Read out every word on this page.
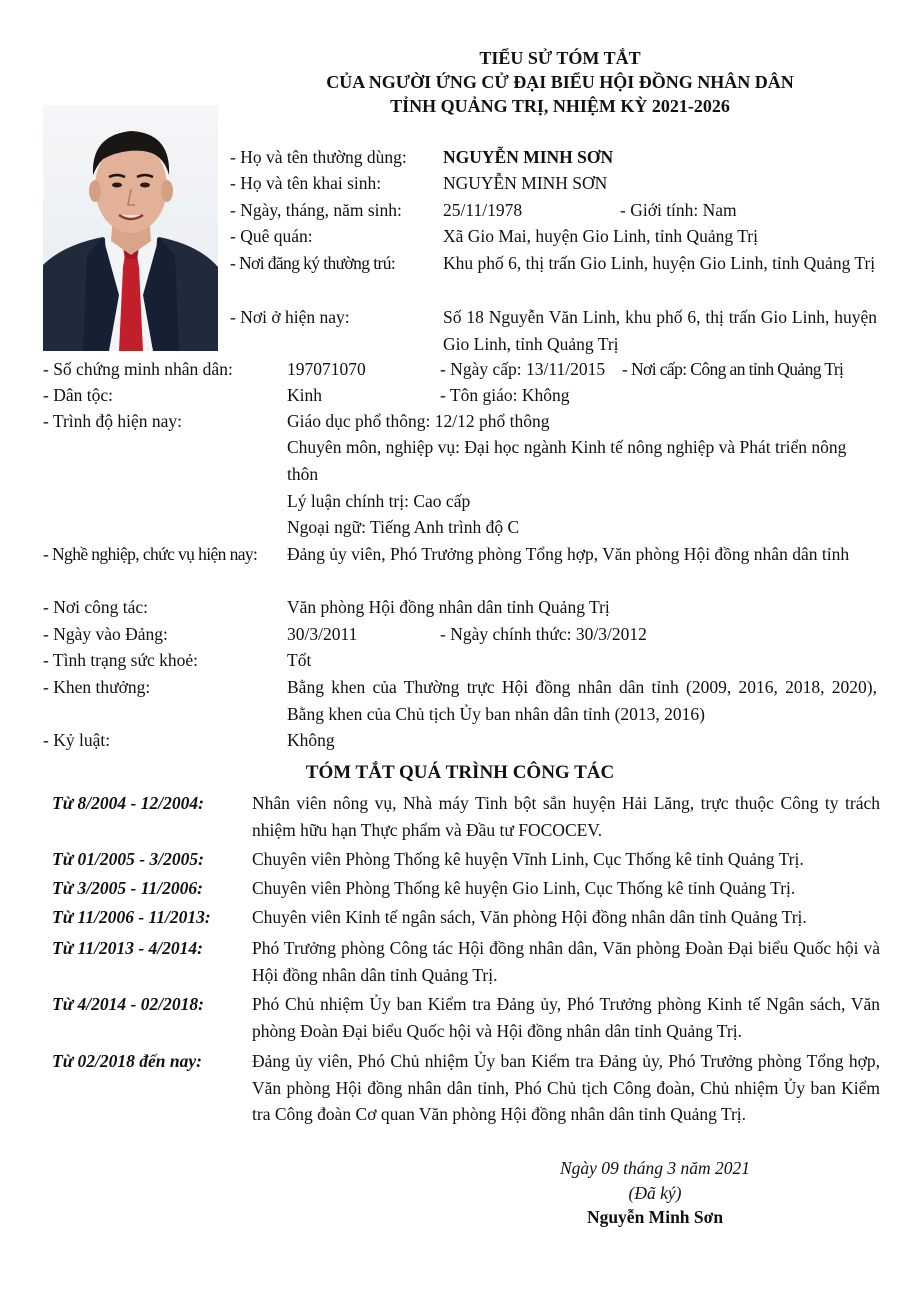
TIỂU SỬ TÓM TẮT
CỦA NGƯỜI ỨNG CỬ ĐẠI BIỂU HỘI ĐỒNG NHÂN DÂN
TỈNH QUẢNG TRỊ, NHIỆM KỲ 2021-2026
- Họ và tên thường dùng: NGUYỄN MINH SƠN
- Họ và tên khai sinh:	NGUYỄN MINH SƠN
- Ngày, tháng, năm sinh: 25/11/1978	- Giới tính: Nam
- Quê quán:	Xã Gio Mai, huyện Gio Linh, tỉnh Quảng Trị
- Nơi đăng ký thường trú:	Khu phố 6, thị trấn Gio Linh, huyện Gio Linh, tỉnh Quảng Trị
- Nơi ở hiện nay:	Số 18 Nguyễn Văn Linh, khu phố 6, thị trấn Gio Linh, huyện Gio Linh, tỉnh Quảng Trị
- Số chứng minh nhân dân:	197071070	- Ngày cấp: 13/11/2015 - Nơi cấp: Công an tỉnh Quảng Trị
- Dân tộc:	Kinh	- Tôn giáo: Không
- Trình độ hiện nay:	Giáo dục phổ thông: 12/12 phổ thông
Chuyên môn, nghiệp vụ: Đại học ngành Kinh tế nông nghiệp và Phát triển nông thôn
Lý luận chính trị: Cao cấp
Ngoại ngữ: Tiếng Anh trình độ C
- Nghề nghiệp, chức vụ hiện nay: Đảng ủy viên, Phó Trưởng phòng Tổng hợp, Văn phòng Hội đồng nhân dân tỉnh
- Nơi công tác:	Văn phòng Hội đồng nhân dân tỉnh Quảng Trị
- Ngày vào Đảng:	30/3/2011	- Ngày chính thức: 30/3/2012
- Tình trạng sức khoẻ:	Tốt
- Khen thưởng:	Bằng khen của Thường trực Hội đồng nhân dân tỉnh (2009, 2016, 2018, 2020), Bằng khen của Chủ tịch Ủy ban nhân dân tỉnh (2013, 2016)
- Kỷ luật:	Không
TÓM TẮT QUÁ TRÌNH CÔNG TÁC
Từ 8/2004 - 12/2004:	Nhân viên nông vụ, Nhà máy Tinh bột sắn huyện Hải Lăng, trực thuộc Công ty trách nhiệm hữu hạn Thực phẩm và Đầu tư FOCOCEV.
Từ 01/2005 - 3/2005:	Chuyên viên Phòng Thống kê huyện Vĩnh Linh, Cục Thống kê tỉnh Quảng Trị.
Từ 3/2005 - 11/2006:	Chuyên viên Phòng Thống kê huyện Gio Linh, Cục Thống kê tỉnh Quảng Trị.
Từ 11/2006 - 11/2013: Chuyên viên Kinh tế ngân sách, Văn phòng Hội đồng nhân dân tỉnh Quảng Trị.
Từ 11/2013 - 4/2014:	Phó Trưởng phòng Công tác Hội đồng nhân dân, Văn phòng Đoàn Đại biểu Quốc hội và Hội đồng nhân dân tỉnh Quảng Trị.
Từ 4/2014 - 02/2018:	Phó Chủ nhiệm Ủy ban Kiểm tra Đảng ủy, Phó Trưởng phòng Kinh tế Ngân sách, Văn phòng Đoàn Đại biểu Quốc hội và Hội đồng nhân dân tỉnh Quảng Trị.
Từ 02/2018 đến nay:	Đảng ủy viên, Phó Chủ nhiệm Ủy ban Kiểm tra Đảng ủy, Phó Trưởng phòng Tổng hợp, Văn phòng Hội đồng nhân dân tỉnh, Phó Chủ tịch Công đoàn, Chủ nhiệm Ủy ban Kiểm tra Công đoàn Cơ quan Văn phòng Hội đồng nhân dân tỉnh Quảng Trị.
Ngày 09 tháng 3 năm 2021
(Đã ký)
Nguyễn Minh Sơn
